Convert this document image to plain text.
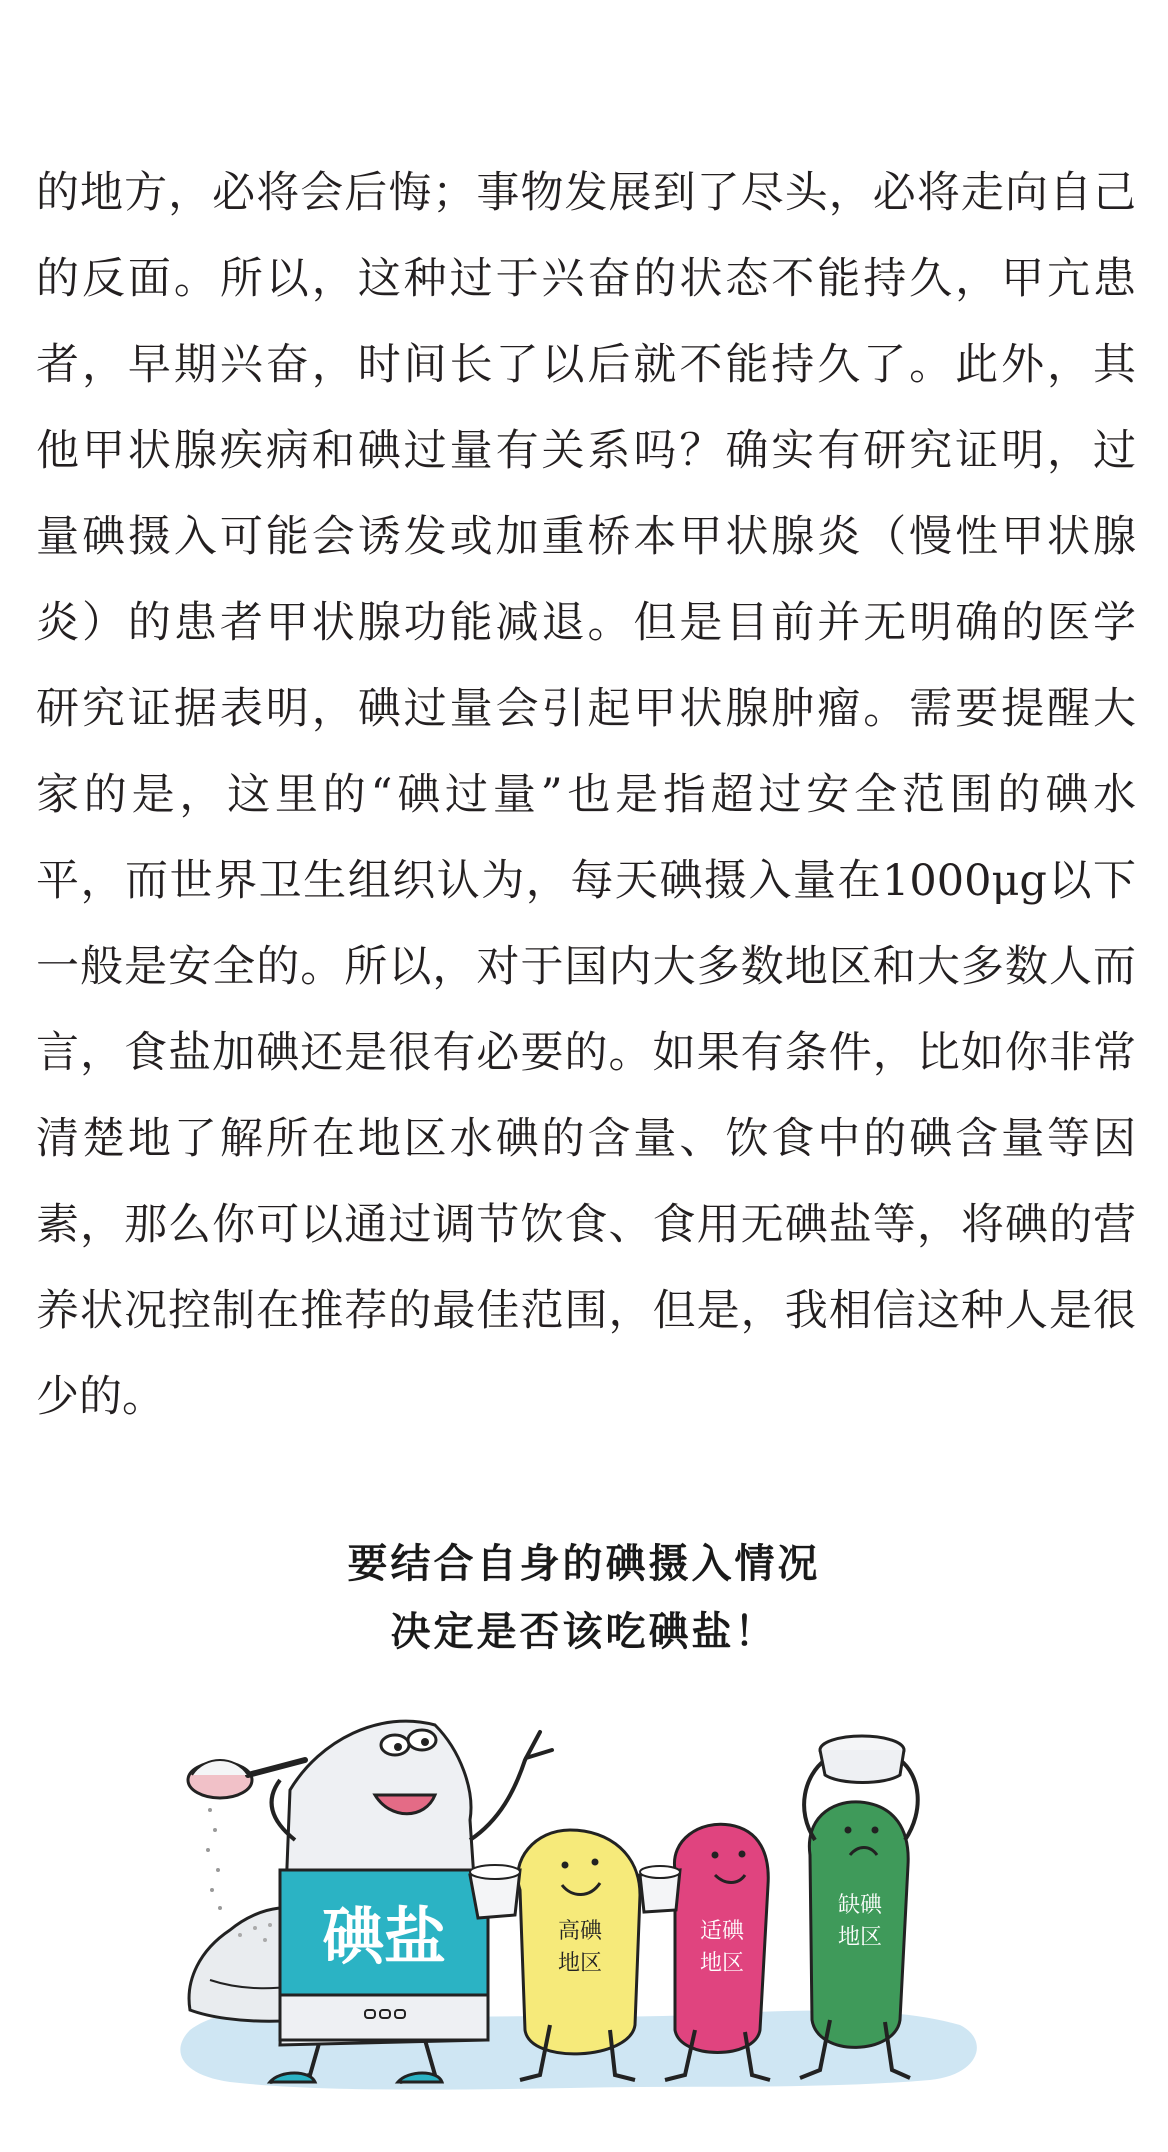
的地方，必将会后悔；事物发展到了尽头，必将走向自己
的反面。所以，这种过于兴奋的状态不能持久，甲亢患
者，早期兴奋，时间长了以后就不能持久了。此外，其
他甲状腺疾病和碘过量有关系吗？确实有研究证明，过
量碘摄入可能会诱发或加重桥本甲状腺炎（慢性甲状腺
炎）的患者甲状腺功能减退。但是目前并无明确的医学
研究证据表明，碘过量会引起甲状腺肿瘤。需要提醒大
家的是，这里的“碘过量”也是指超过安全范围的碘水
平，而世界卫生组织认为，每天碘摄入量在1000μg以下
一般是安全的。所以，对于国内大多数地区和大多数人而
言，食盐加碘还是很有必要的。如果有条件，比如你非常
清楚地了解所在地区水碘的含量、饮食中的碘含量等因
素，那么你可以通过调节饮食、食用无碘盐等，将碘的营
养状况控制在推荐的最佳范围，但是，我相信这种人是很
少的。
要结合自身的碘摄入情况
决定是否该吃碘盐！
碘盐	高碘
地区
适碘
地区
缺碘
地区
